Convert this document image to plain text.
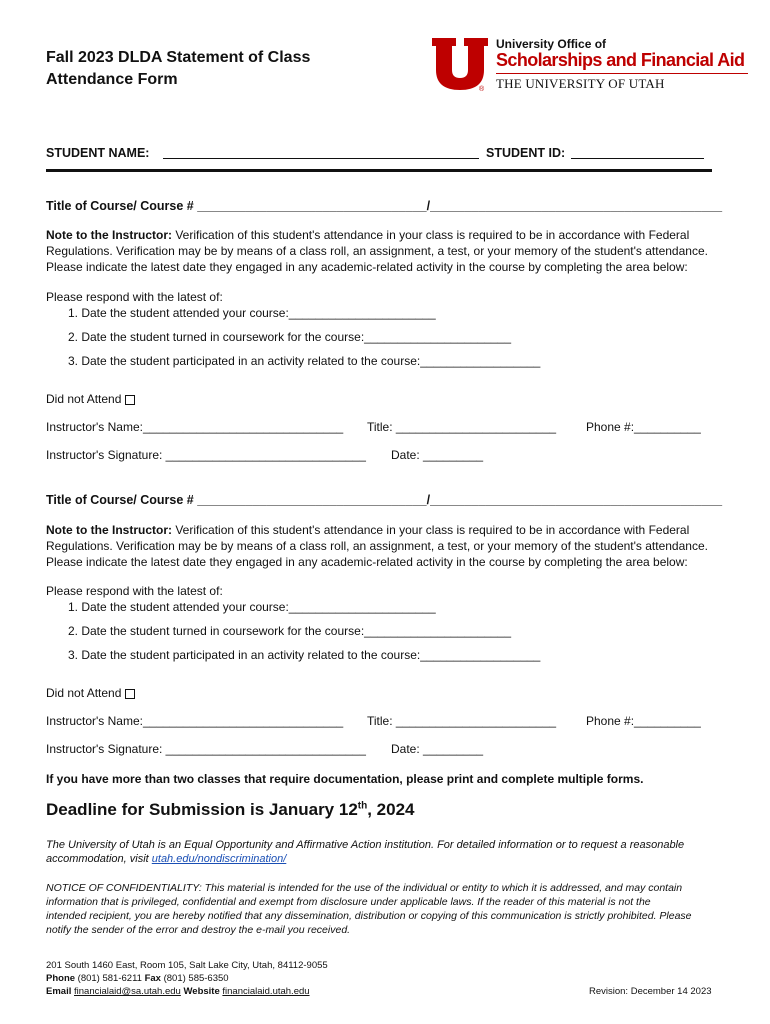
Fall 2023 DLDA Statement of Class
Attendance Form
®
University Office of
Scholarships and Financial Aid
THE UNIVERSITY OF UTAH
STUDENT NAME:	STUDENT ID:
Title of Course/ Course # _________________________________/__________________________________________
Note to the Instructor: Verification of this student's attendance in your class is required to be in accordance with Federal
Regulations. Verification may be by means of a class roll, an assignment, a test, or your memory of the student's attendance.
Please indicate the latest date they engaged in any academic-related activity in the course by completing the area below:
Please respond with the latest of:
1. Date the student attended your course:______________________
2. Date the student turned in coursework for the course:______________________
3. Date the student participated in an activity related to the course:__________________
Did not Attend
Instructor's Name:______________________________ Title: ________________________ Phone #:__________
Instructor's Signature: ______________________________ Date: _________
Title of Course/ Course # _________________________________/__________________________________________
Note to the Instructor: Verification of this student's attendance in your class is required to be in accordance with Federal
Regulations. Verification may be by means of a class roll, an assignment, a test, or your memory of the student's attendance.
Please indicate the latest date they engaged in any academic-related activity in the course by completing the area below:
Please respond with the latest of:
1. Date the student attended your course:______________________
2. Date the student turned in coursework for the course:______________________
3. Date the student participated in an activity related to the course:__________________
Did not Attend
Instructor's Name:______________________________ Title: ________________________ Phone #:__________
Instructor's Signature: ______________________________ Date: _________
If you have more than two classes that require documentation, please print and complete multiple forms.
Deadline for Submission is January 12th, 2024
The University of Utah is an Equal Opportunity and Affirmative Action institution. For detailed information or to request a reasonable
accommodation, visit utah.edu/nondiscrimination/
NOTICE OF CONFIDENTIALITY: This material is intended for the use of the individual or entity to which it is addressed, and may contain
information that is privileged, confidential and exempt from disclosure under applicable laws. If the reader of this material is not the
intended recipient, you are hereby notified that any dissemination, distribution or copying of this communication is strictly prohibited. Please
notify the sender of the error and destroy the e-mail you received.
201 South 1460 East, Room 105, Salt Lake City, Utah, 84112-9055
Phone (801) 581-6211 Fax (801) 585-6350
Email financialaid@sa.utah.edu Website financialaid.utah.edu	Revision: December 14 2023
